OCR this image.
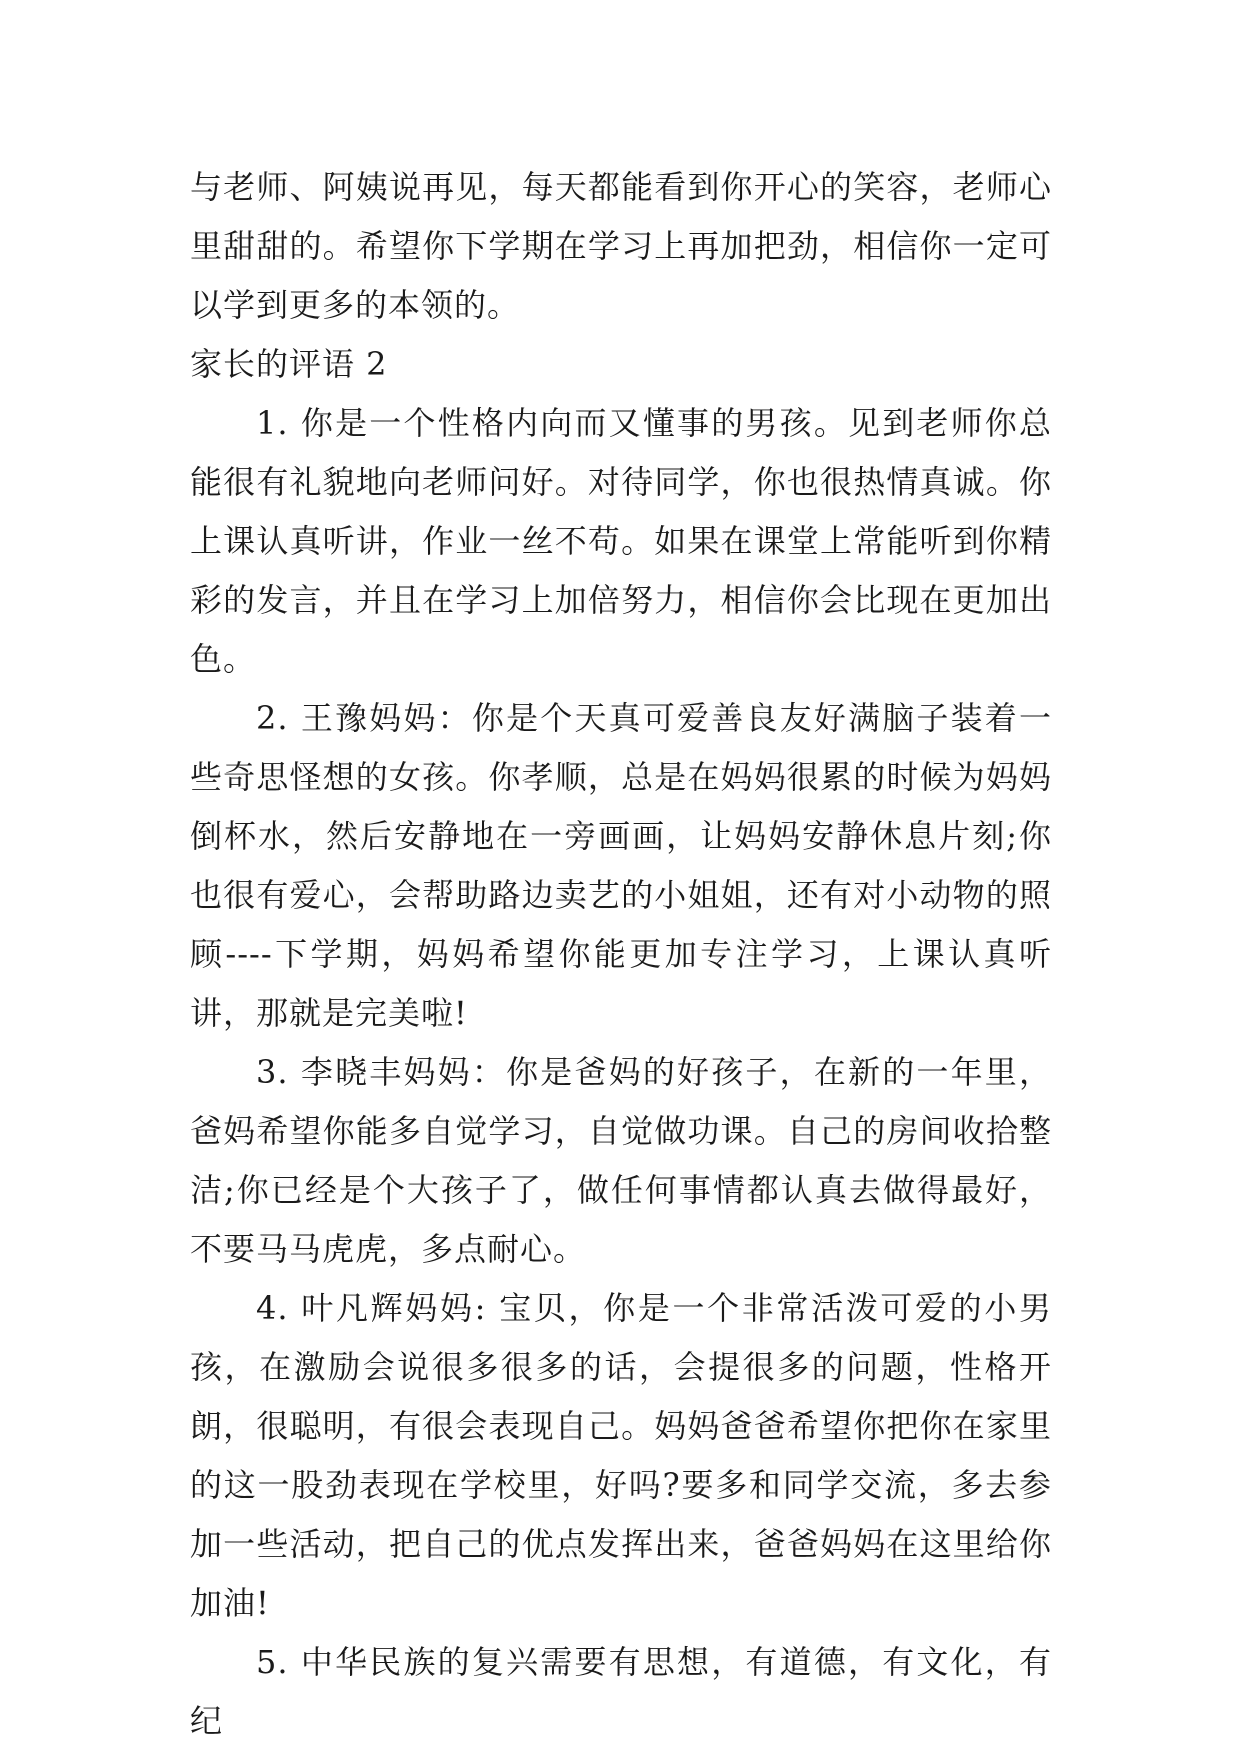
与老师、阿姨说再见，每天都能看到你开心的笑容，老师心里甜甜的。希望你下学期在学习上再加把劲，相信你一定可以学到更多的本领的。

家长的评语 2

1. 你是一个性格内向而又懂事的男孩。见到老师你总能很有礼貌地向老师问好。对待同学，你也很热情真诚。你上课认真听讲，作业一丝不苟。如果在课堂上常能听到你精彩的发言，并且在学习上加倍努力，相信你会比现在更加出色。

2. 王豫妈妈：你是个天真可爱善良友好满脑子装着一些奇思怪想的女孩。你孝顺，总是在妈妈很累的时候为妈妈倒杯水，然后安静地在一旁画画，让妈妈安静休息片刻;你也很有爱心，会帮助路边卖艺的小姐姐，还有对小动物的照顾----下学期，妈妈希望你能更加专注学习，上课认真听讲，那就是完美啦!

3. 李晓丰妈妈：你是爸妈的好孩子，在新的一年里，爸妈希望你能多自觉学习，自觉做功课。自己的房间收拾整洁;你已经是个大孩子了，做任何事情都认真去做得最好，不要马马虎虎，多点耐心。

4. 叶凡辉妈妈: 宝贝，你是一个非常活泼可爱的小男孩，在激励会说很多很多的话，会提很多的问题，性格开朗，很聪明，有很会表现自己。妈妈爸爸希望你把你在家里的这一股劲表现在学校里，好吗?要多和同学交流，多去参加一些活动，把自己的优点发挥出来，爸爸妈妈在这里给你加油!

5. 中华民族的复兴需要有思想，有道德，有文化，有纪
